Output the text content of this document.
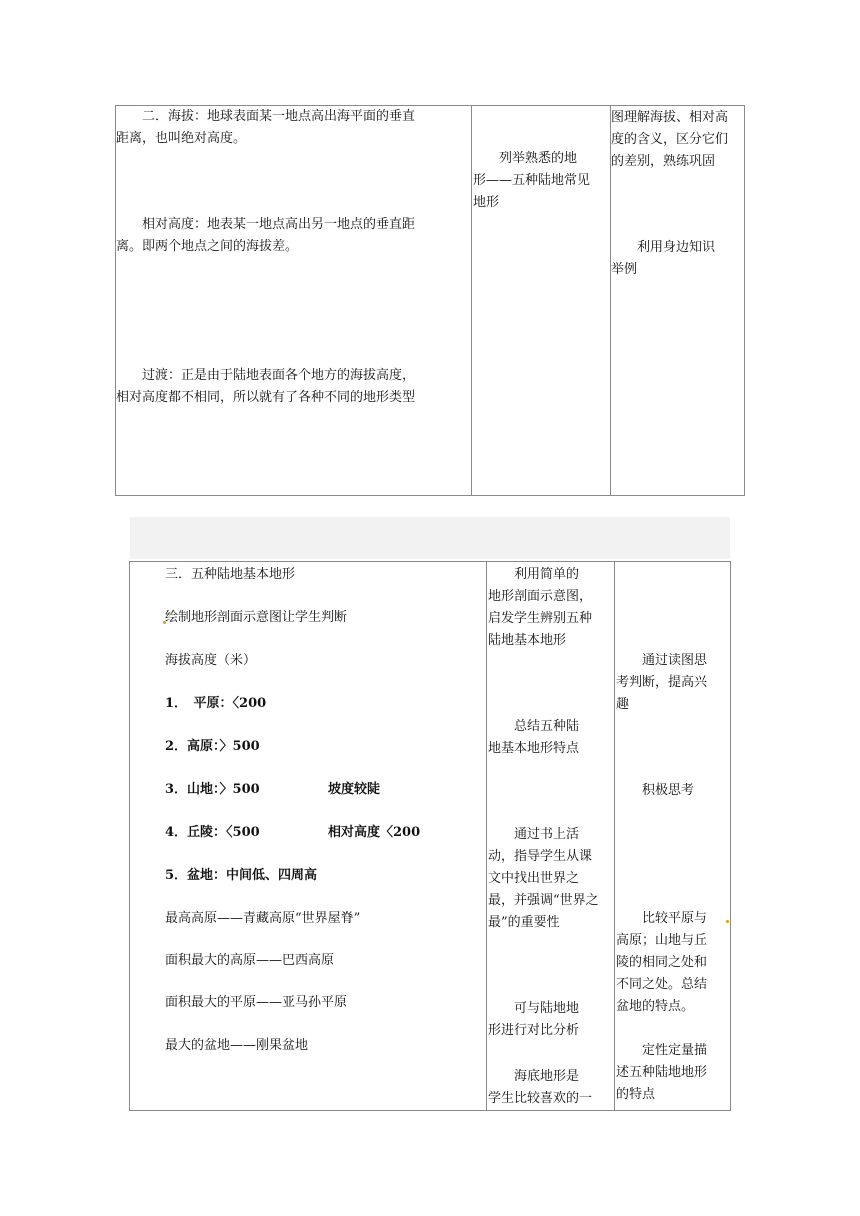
　　二．海拔：地球表面某一地点高出海平面的垂直
距离，也叫绝对高度。
　　相对高度：地表某一地点高出另一地点的垂直距
离。即两个地点之间的海拔差。
　　过渡：正是由于陆地表面各个地方的海拔高度，
相对高度都不相同，所以就有了各种不同的地形类型
　　列举熟悉的地
形——五种陆地常见
地形
图理解海拔、相对高
度的含义，区分它们
的差别，熟练巩固
　　利用身边知识
举例
三．五种陆地基本地形
绘制地形剖面示意图让学生判断
海拔高度（米）
1．　平原：〈200
2．高原：〉500
3．山地：〉500	坡度较陡
4．丘陵：〈500	相对高度〈200
5．盆地：中间低、四周高
最高高原——青藏高原“世界屋脊”
面积最大的高原——巴西高原
面积最大的平原——亚马孙平原
最大的盆地——刚果盆地
　　利用简单的
地形剖面示意图，
启发学生辨别五种
陆地基本地形
　　总结五种陆
地基本地形特点
　　通过书上活
动，指导学生从课
文中找出世界之
最，并强调“世界之
最”的重要性
　　可与陆地地
形进行对比分析
　　海底地形是
学生比较喜欢的一
　　通过读图思
考判断，提高兴
趣
　　积极思考
　　比较平原与
高原；山地与丘
陵的相同之处和
不同之处。总结
盆地的特点。
　　定性定量描
述五种陆地地形
的特点
